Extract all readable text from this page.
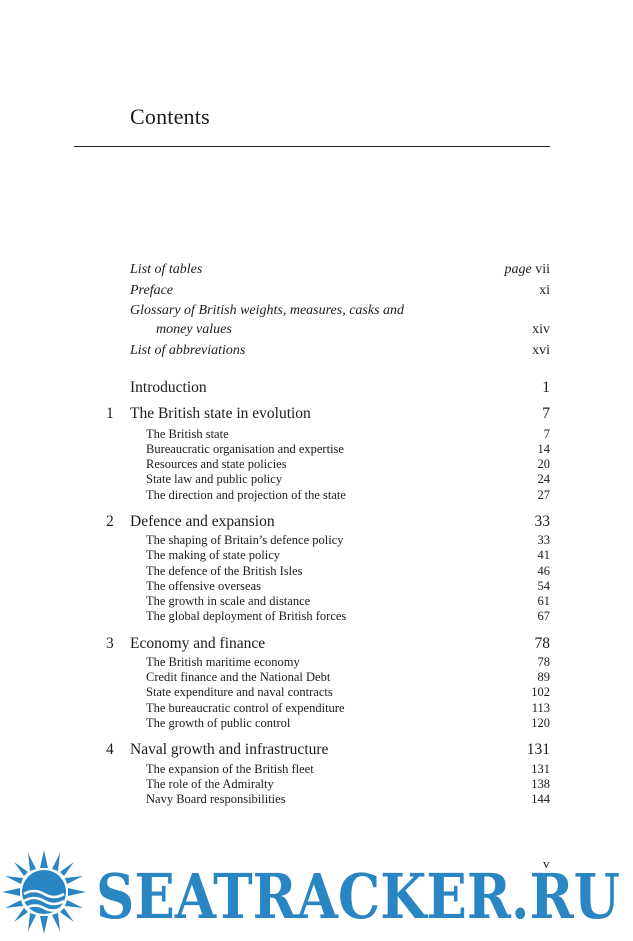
Contents
List of tables	page vii
Preface	xi
Glossary of British weights, measures, casks and
money values	xiv
List of abbreviations	xvi
Introduction	1
1 The British state in evolution	7
The British state	7
Bureaucratic organisation and expertise	14
Resources and state policies	20
State law and public policy	24
The direction and projection of the state	27
2 Defence and expansion	33
The shaping of Britain’s defence policy	33
The making of state policy	41
The defence of the British Isles	46
The offensive overseas	54
The growth in scale and distance	61
The global deployment of British forces	67
3 Economy and finance	78
The British maritime economy	78
Credit finance and the National Debt	89
State expenditure and naval contracts	102
The bureaucratic control of expenditure	113
The growth of public control	120
4 Naval growth and infrastructure	131
The expansion of the British fleet	131
The role of the Admiralty	138
Navy Board responsibilities	144
v
SEATRACKER.RU
